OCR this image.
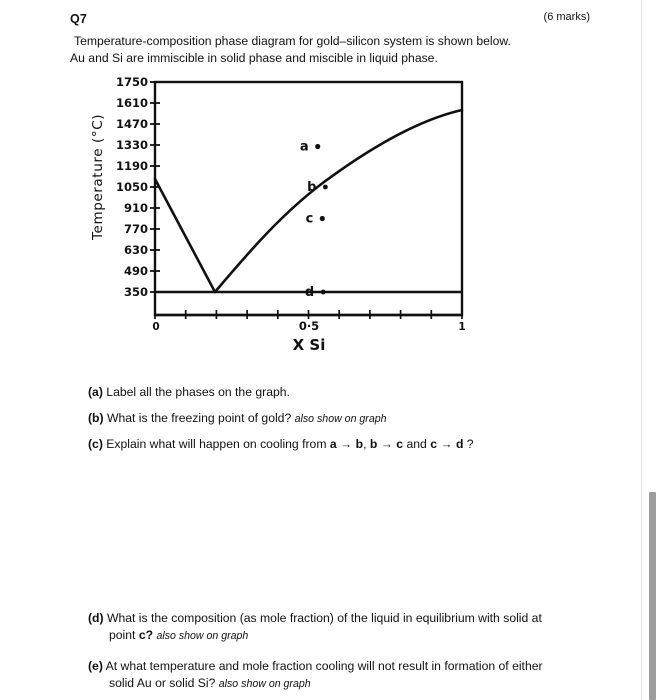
Q7	(6 marks)
Temperature-composition phase diagram for gold–silicon system is shown below.
Au and Si are immiscible in solid phase and miscible in liquid phase.
Temperature (°C)
1750
1610
1470
1330
1190
1050
910
770
630
490
350
0	0·5	1
X Si
a
b
c
d
(a) Label all the phases on the graph.
(b) What is the freezing point of gold? also show on graph
(c) Explain what will happen on cooling from a → b, b → c and c → d ?
(d) What is the composition (as mole fraction) of the liquid in equilibrium with solid at
point c? also show on graph
(e) At what temperature and mole fraction cooling will not result in formation of either
solid Au or solid Si? also show on graph
